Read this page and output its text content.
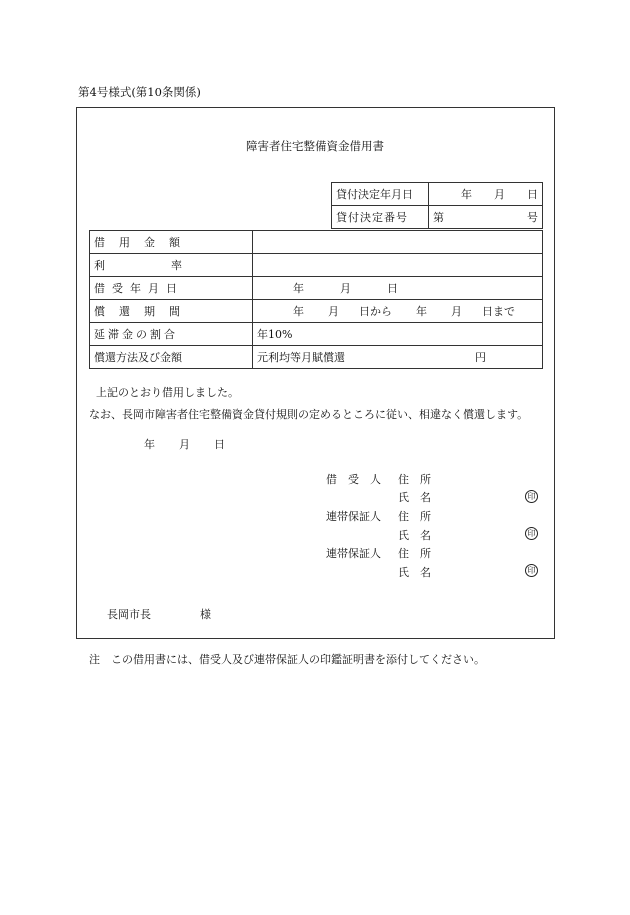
第4号様式(第10条関係)
障害者住宅整備資金借用書
貸付決定年月日	年　　月　　日
貸付決定番号	第 号
借用金額	
利率	
借受年月日	年 月 日
償還期間	年 月 日から 年 月 日まで
延滞金の割合	年10%
償還方法及び金額	元利均等月賦償還 円
上記のとおり借用しました。
なお、長岡市障害者住宅整備資金貸付規則の定めるところに従い、相違なく償還します。
年 月 日
借　受　人 住　所
氏　名	印
連帯保証人 住　所
氏　名	印
連帯保証人 住　所
氏　名	印
長岡市長	様
注　この借用書には、借受人及び連帯保証人の印鑑証明書を添付してください。
